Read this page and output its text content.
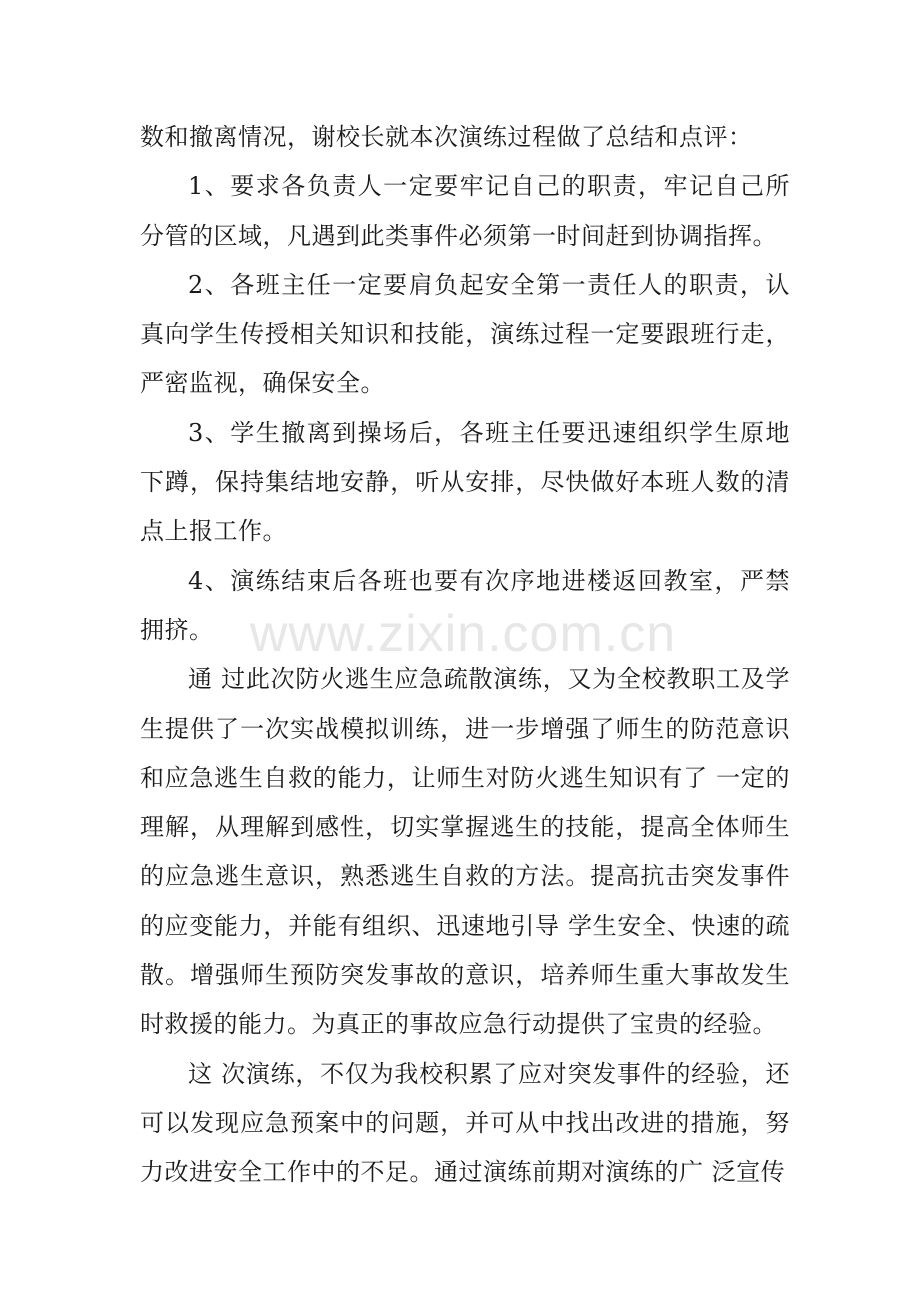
数和撤离情况，谢校长就本次演练过程做了总结和点评：

1、要求各负责人一定要牢记自己的职责，牢记自己所分管的区域，凡遇到此类事件必须第一时间赶到协调指挥。

2、各班主任一定要肩负起安全第一责任人的职责，认真向学生传授相关知识和技能，演练过程一定要跟班行走，严密监视，确保安全。

3、学生撤离到操场后，各班主任要迅速组织学生原地下蹲，保持集结地安静，听从安排，尽快做好本班人数的清点上报工作。

4、演练结束后各班也要有次序地进楼返回教室，严禁拥挤。

通 过此次防火逃生应急疏散演练，又为全校教职工及学生提供了一次实战模拟训练，进一步增强了师生的防范意识和应急逃生自救的能力，让师生对防火逃生知识有了 一定的理解，从理解到感性，切实掌握逃生的技能，提高全体师生的应急逃生意识，熟悉逃生自救的方法。提高抗击突发事件的应变能力，并能有组织、迅速地引导 学生安全、快速的疏散。增强师生预防突发事故的意识，培养师生重大事故发生时救援的能力。为真正的事故应急行动提供了宝贵的经验。

这 次演练，不仅为我校积累了应对突发事件的经验，还可以发现应急预案中的问题，并可从中找出改进的措施，努力改进安全工作中的不足。通过演练前期对演练的广 泛宣传

www.zixin.com.cn
